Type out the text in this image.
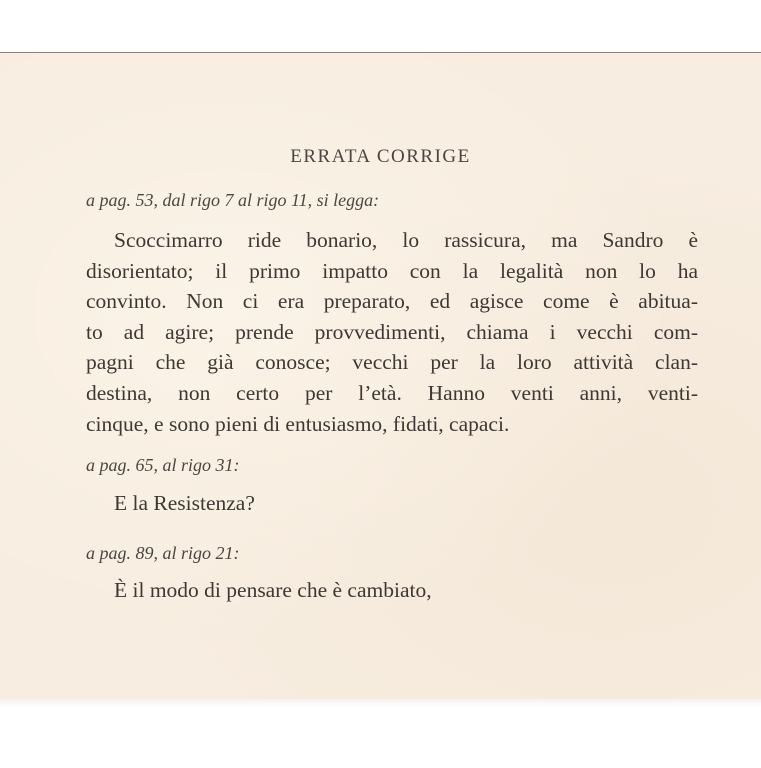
ERRATA CORRIGE
a pag. 53, dal rigo 7 al rigo 11, si legga:
Scoccimarro ride bonario, lo rassicura, ma Sandro è
disorientato; il primo impatto con la legalità non lo ha
convinto. Non ci era preparato, ed agisce come è abitua-
to ad agire; prende provvedimenti, chiama i vecchi com-
pagni che già conosce; vecchi per la loro attività clan-
destina, non certo per l’età. Hanno venti anni, venti-
cinque, e sono pieni di entusiasmo, fidati, capaci.
a pag. 65, al rigo 31:
E la Resistenza?
a pag. 89, al rigo 21:
È il modo di pensare che è cambiato,
